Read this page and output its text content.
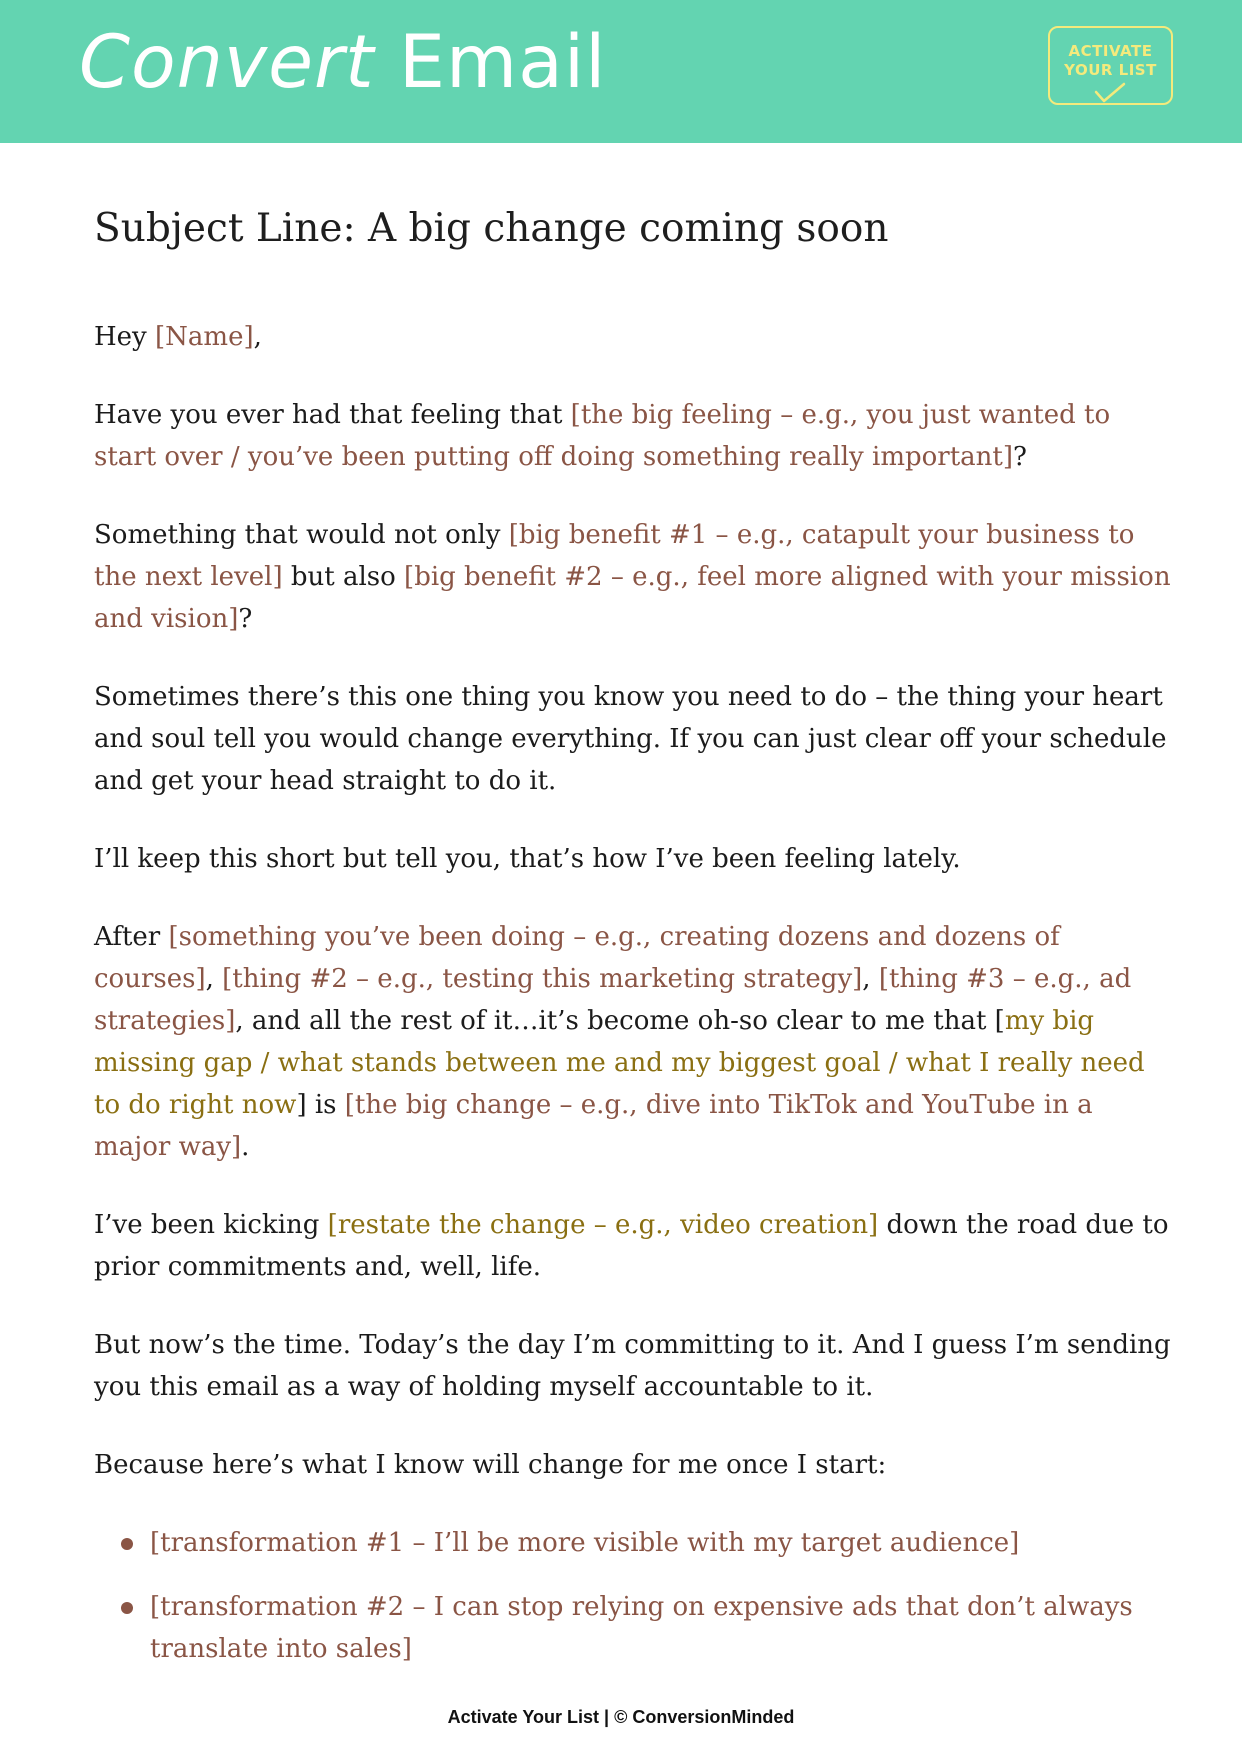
Convert Email	ACTIVATE
YOUR LIST
Subject Line: A big change coming soon

Hey [Name],

Have you ever had that feeling that [the big feeling – e.g., you just wanted to start over / you’ve been putting off doing something really important]?

Something that would not only [big benefit #1 – e.g., catapult your business to the next level] but also [big benefit #2 – e.g., feel more aligned with your mission and vision]?

Sometimes there’s this one thing you know you need to do – the thing your heart and soul tell you would change everything. If you can just clear off your schedule and get your head straight to do it.

I’ll keep this short but tell you, that’s how I’ve been feeling lately.

After [something you’ve been doing – e.g., creating dozens and dozens of courses], [thing #2 – e.g., testing this marketing strategy], [thing #3 – e.g., ad strategies], and all the rest of it…it’s become oh-so clear to me that [my big missing gap / what stands between me and my biggest goal / what I really need to do right now] is [the big change – e.g., dive into TikTok and YouTube in a major way].

I’ve been kicking [restate the change – e.g., video creation] down the road due to prior commitments and, well, life.

But now’s the time. Today’s the day I’m committing to it. And I guess I’m sending you this email as a way of holding myself accountable to it.

Because here’s what I know will change for me once I start:

[transformation #1 – I’ll be more visible with my target audience]
[transformation #2 – I can stop relying on expensive ads that don’t always translate into sales]
Activate Your List | © ConversionMinded
